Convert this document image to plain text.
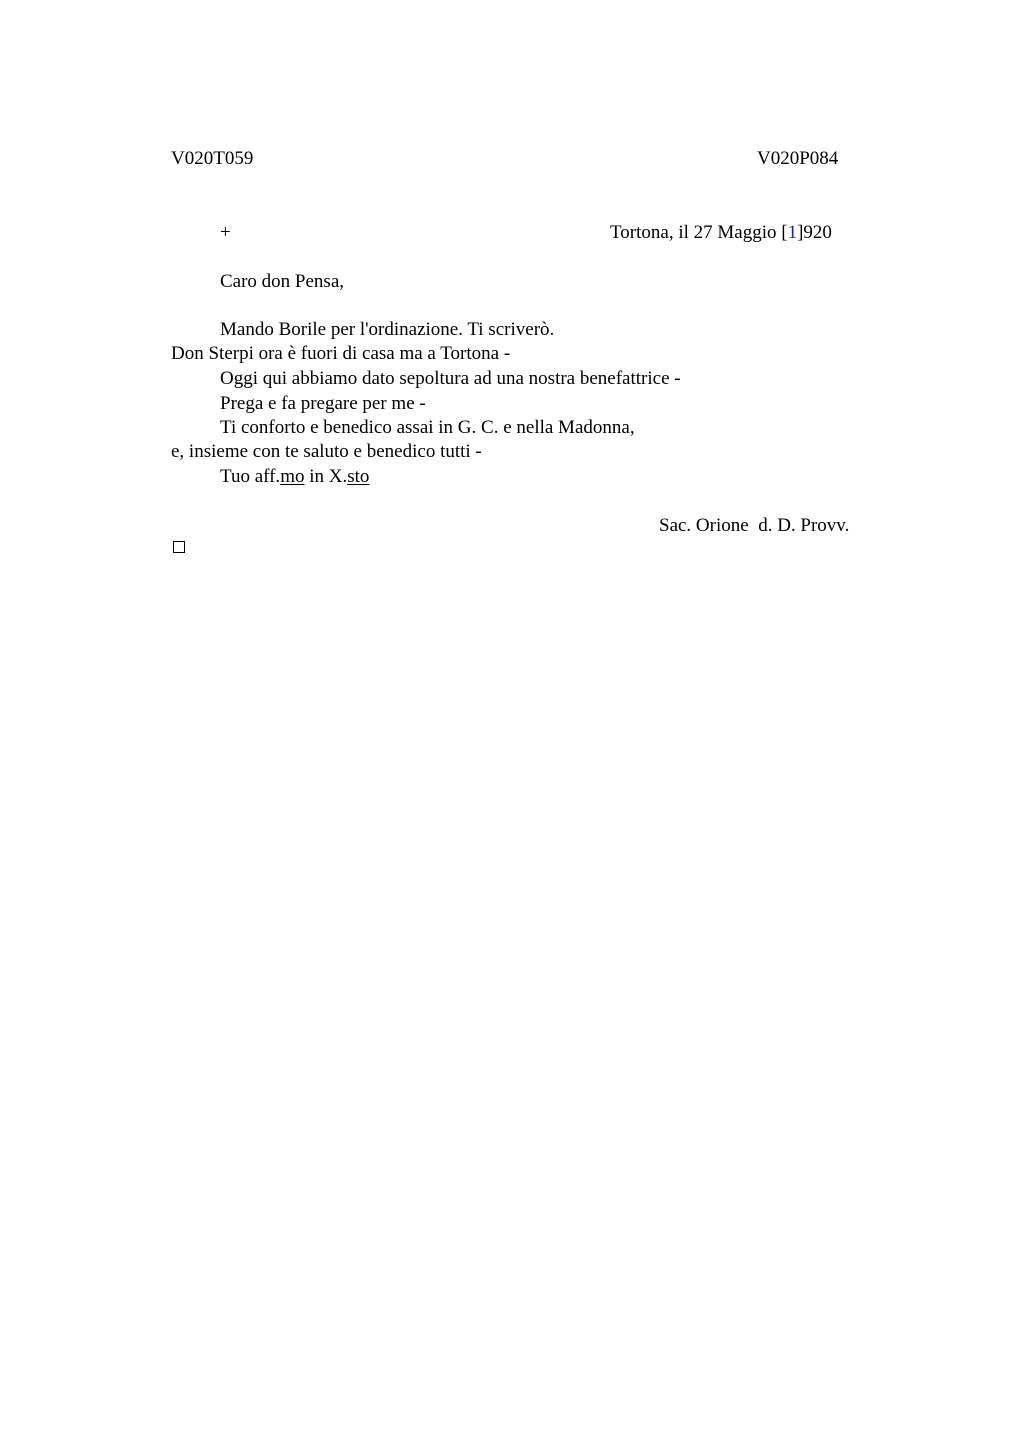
V020T059	V020P084
+	Tortona, il 27 Maggio [1]920
Caro don Pensa,
Mando Borile per l'ordinazione. Ti scriverò.
Don Sterpi ora è fuori di casa ma a Tortona -
Oggi qui abbiamo dato sepoltura ad una nostra benefattrice -
Prega e fa pregare per me -
Ti conforto e benedico assai in G. C. e nella Madonna,
e, insieme con te saluto e benedico tutti -
Tuo aff.mo in X.sto
Sac. Orione  d. D. Provv.
